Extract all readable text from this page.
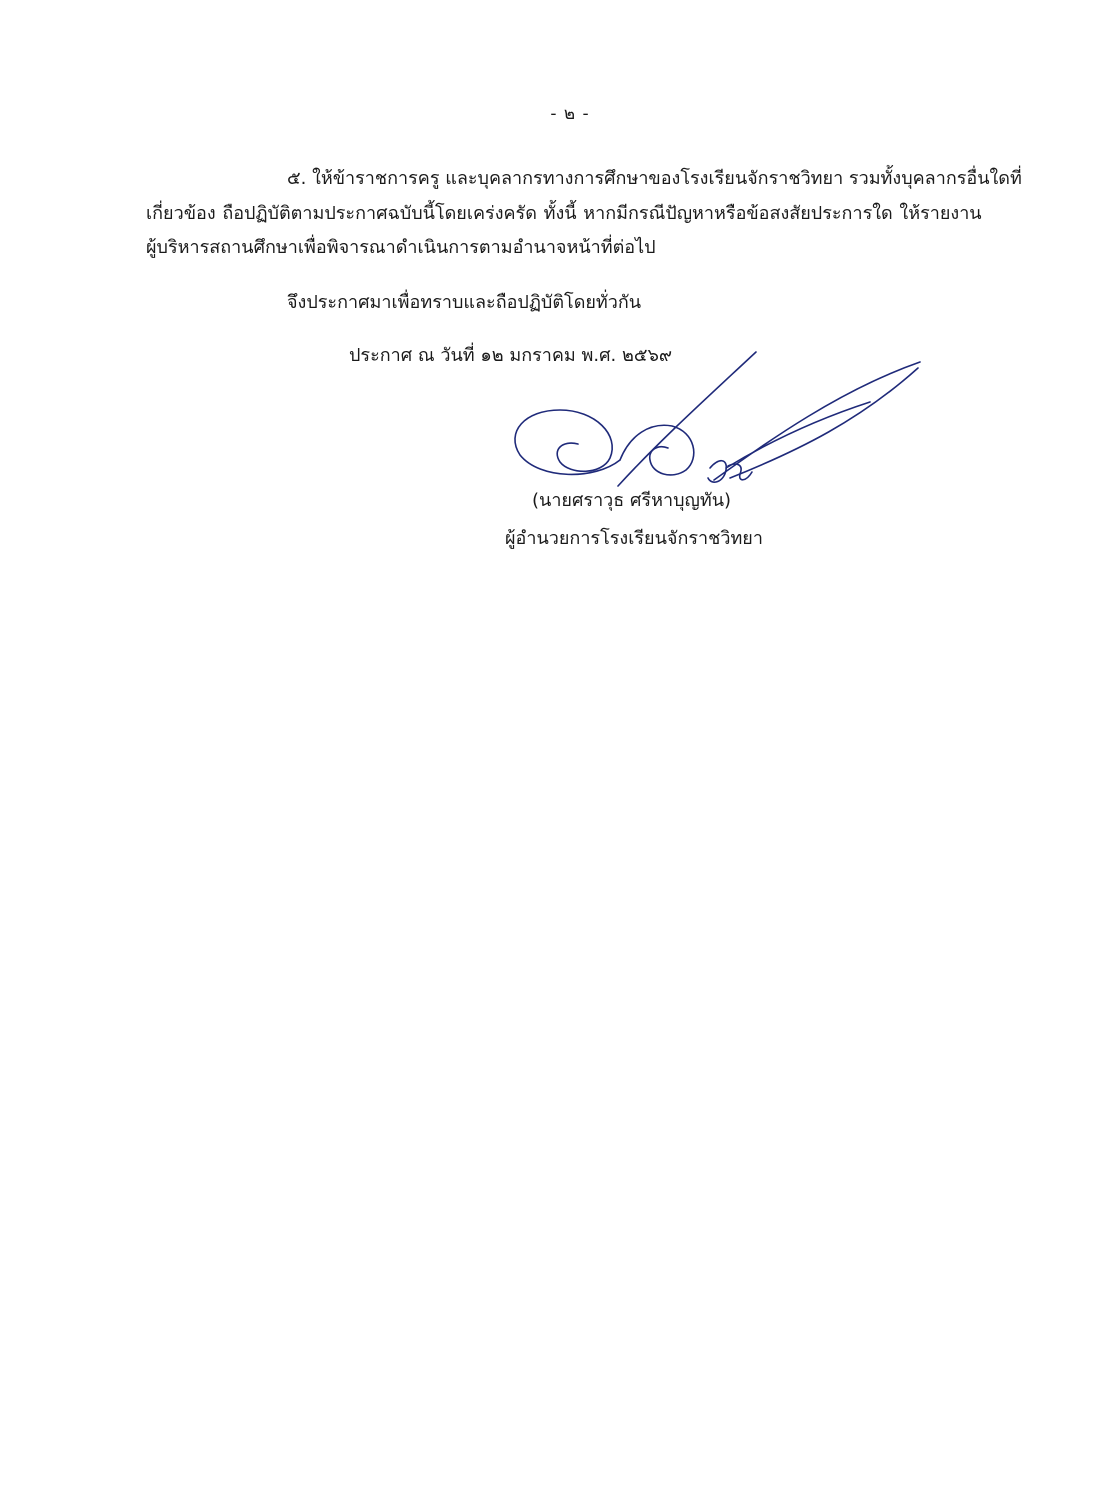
- ๒ -
๕. ให้ข้าราชการครู และบุคลากรทางการศึกษาของโรงเรียนจักราชวิทยา รวมทั้งบุคลากรอื่นใดที่
เกี่ยวข้อง ถือปฏิบัติตามประกาศฉบับนี้โดยเคร่งครัด ทั้งนี้ หากมีกรณีปัญหาหรือข้อสงสัยประการใด ให้รายงาน
ผู้บริหารสถานศึกษาเพื่อพิจารณาดำเนินการตามอำนาจหน้าที่ต่อไป
จึงประกาศมาเพื่อทราบและถือปฏิบัติโดยทั่วกัน
ประกาศ ณ วันที่ ๑๒ มกราคม พ.ศ. ๒๕๖๙
(นายศราวุธ ศรีหาบุญทัน)
ผู้อำนวยการโรงเรียนจักราชวิทยา
